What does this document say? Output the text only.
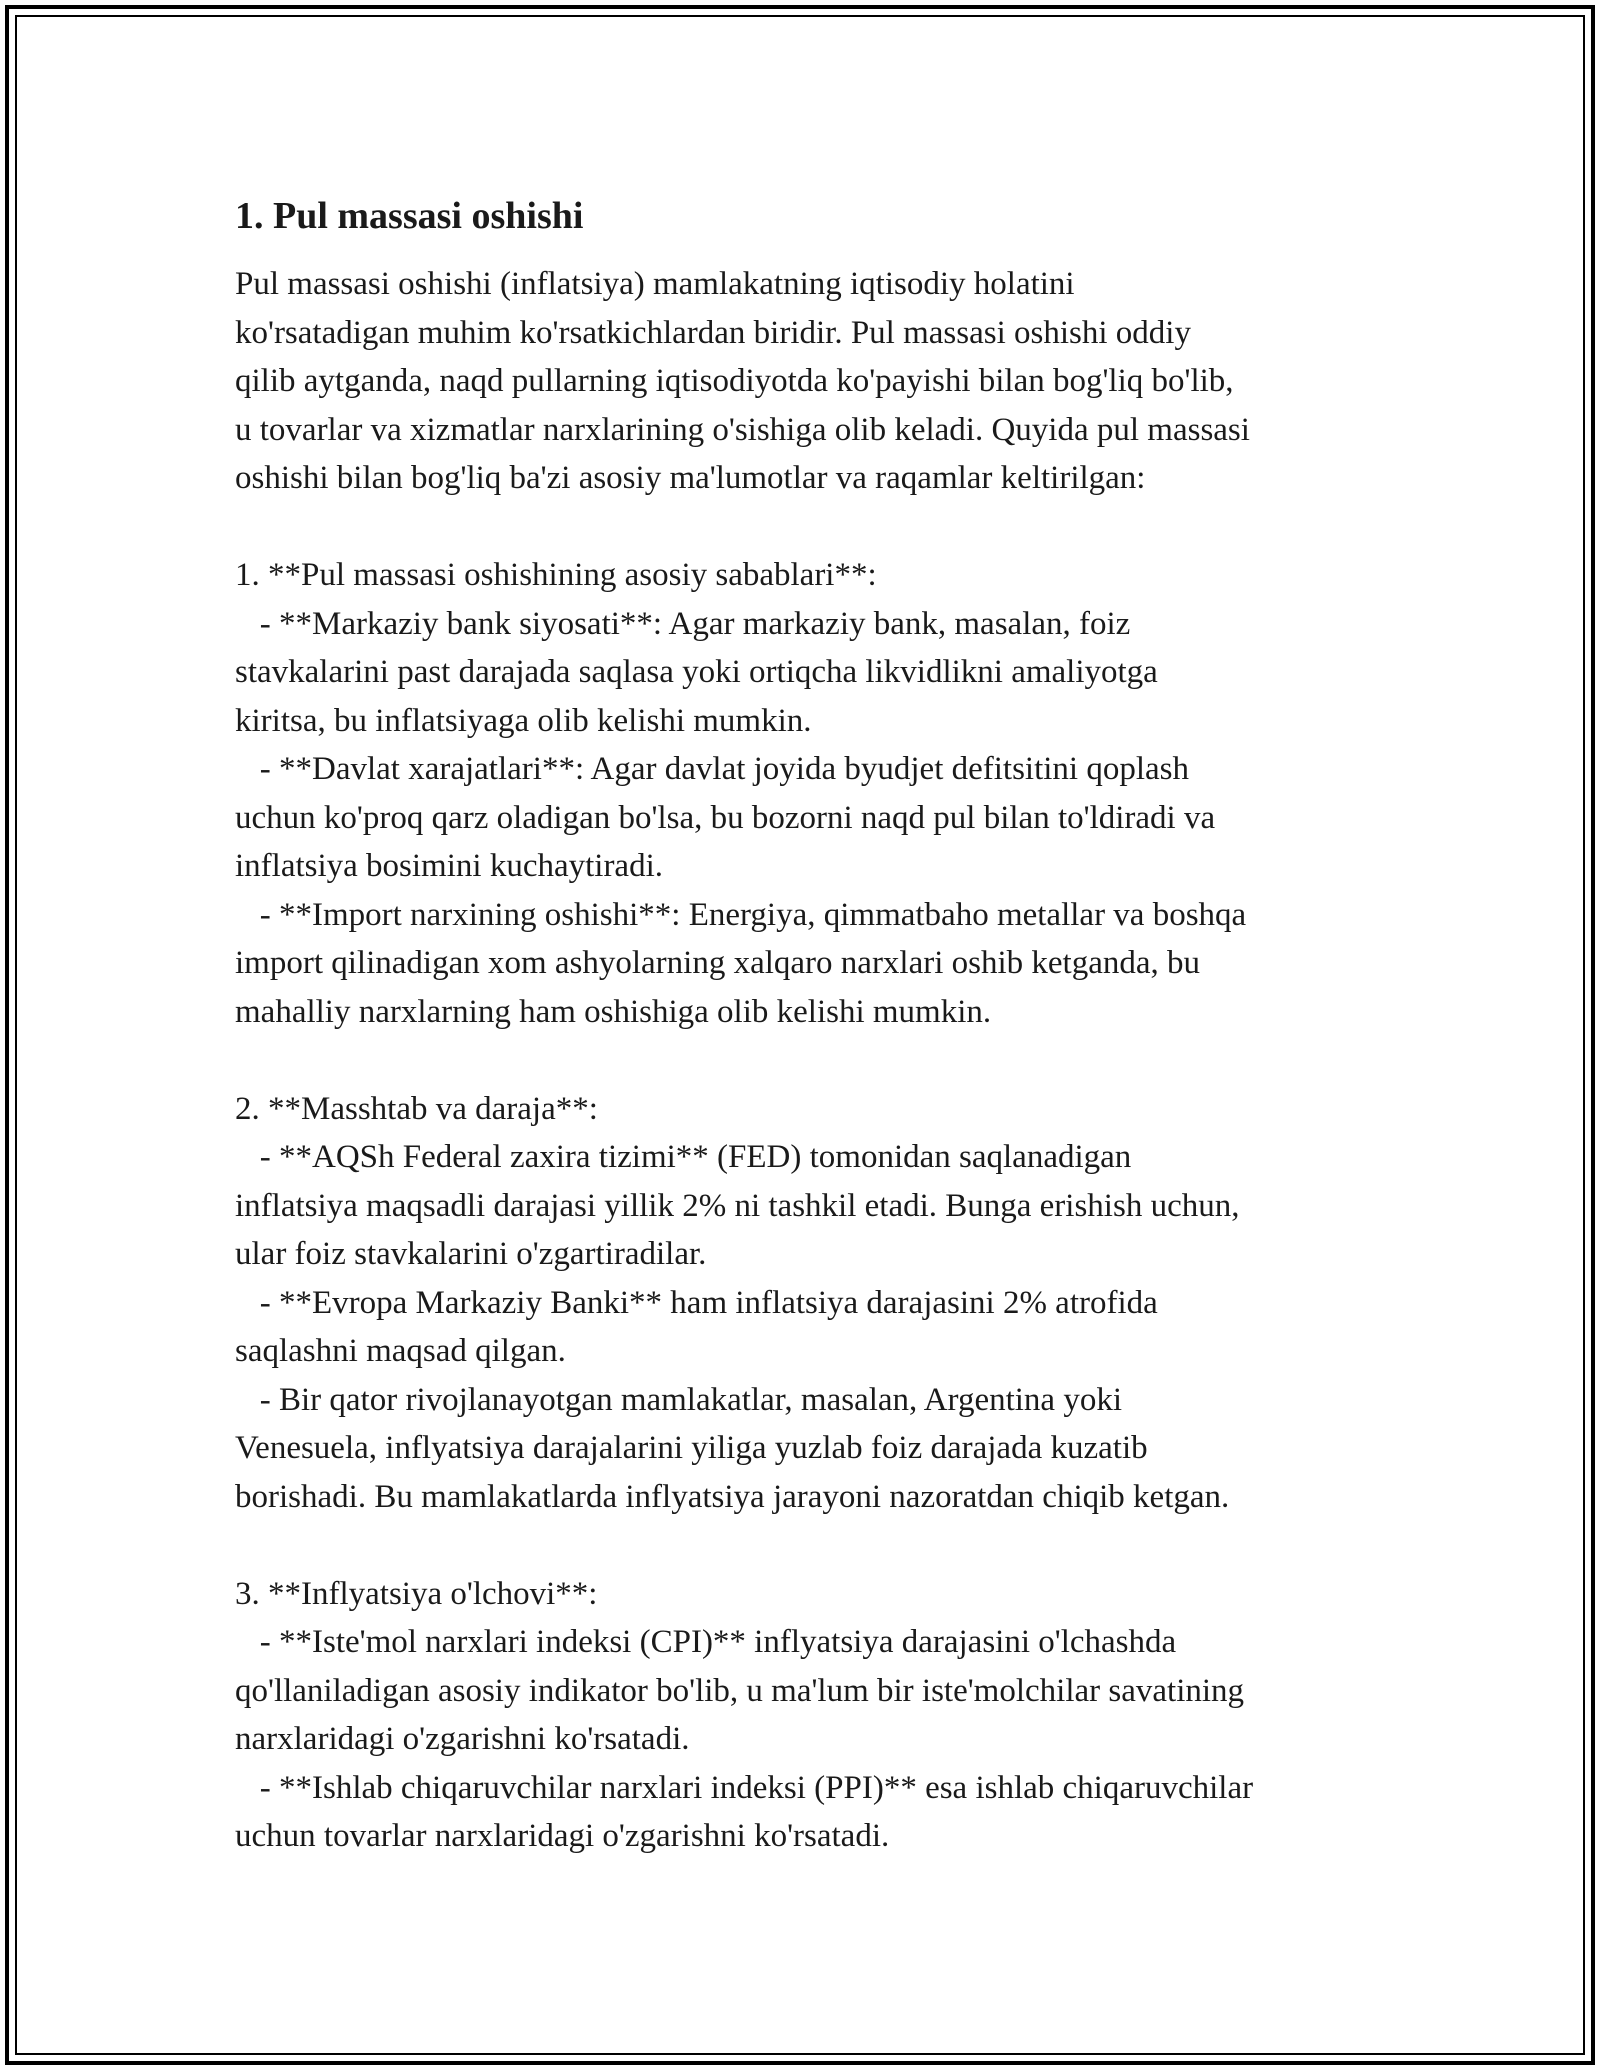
1. Pul massasi oshishi

Pul massasi oshishi (inflatsiya) mamlakatning iqtisodiy holatini
ko'rsatadigan muhim ko'rsatkichlardan biridir. Pul massasi oshishi oddiy
qilib aytganda, naqd pullarning iqtisodiyotda ko'payishi bilan bog'liq bo'lib,
u tovarlar va xizmatlar narxlarining o'sishiga olib keladi. Quyida pul massasi
oshishi bilan bog'liq ba'zi asosiy ma'lumotlar va raqamlar keltirilgan:

1. **Pul massasi oshishining asosiy sabablari**:
- **Markaziy bank siyosati**: Agar markaziy bank, masalan, foiz
stavkalarini past darajada saqlasa yoki ortiqcha likvidlikni amaliyotga
kiritsa, bu inflatsiyaga olib kelishi mumkin.
- **Davlat xarajatlari**: Agar davlat joyida byudjet defitsitini qoplash
uchun ko'proq qarz oladigan bo'lsa, bu bozorni naqd pul bilan to'ldiradi va
inflatsiya bosimini kuchaytiradi.
- **Import narxining oshishi**: Energiya, qimmatbaho metallar va boshqa
import qilinadigan xom ashyolarning xalqaro narxlari oshib ketganda, bu
mahalliy narxlarning ham oshishiga olib kelishi mumkin.

2. **Masshtab va daraja**:
- **AQSh Federal zaxira tizimi** (FED) tomonidan saqlanadigan
inflatsiya maqsadli darajasi yillik 2% ni tashkil etadi. Bunga erishish uchun,
ular foiz stavkalarini o'zgartiradilar.
- **Evropa Markaziy Banki** ham inflatsiya darajasini 2% atrofida
saqlashni maqsad qilgan.
- Bir qator rivojlanayotgan mamlakatlar, masalan, Argentina yoki
Venesuela, inflyatsiya darajalarini yiliga yuzlab foiz darajada kuzatib
borishadi. Bu mamlakatlarda inflyatsiya jarayoni nazoratdan chiqib ketgan.

3. **Inflyatsiya o'lchovi**:
- **Iste'mol narxlari indeksi (CPI)** inflyatsiya darajasini o'lchashda
qo'llaniladigan asosiy indikator bo'lib, u ma'lum bir iste'molchilar savatining
narxlaridagi o'zgarishni ko'rsatadi.
- **Ishlab chiqaruvchilar narxlari indeksi (PPI)** esa ishlab chiqaruvchilar
uchun tovarlar narxlaridagi o'zgarishni ko'rsatadi.
